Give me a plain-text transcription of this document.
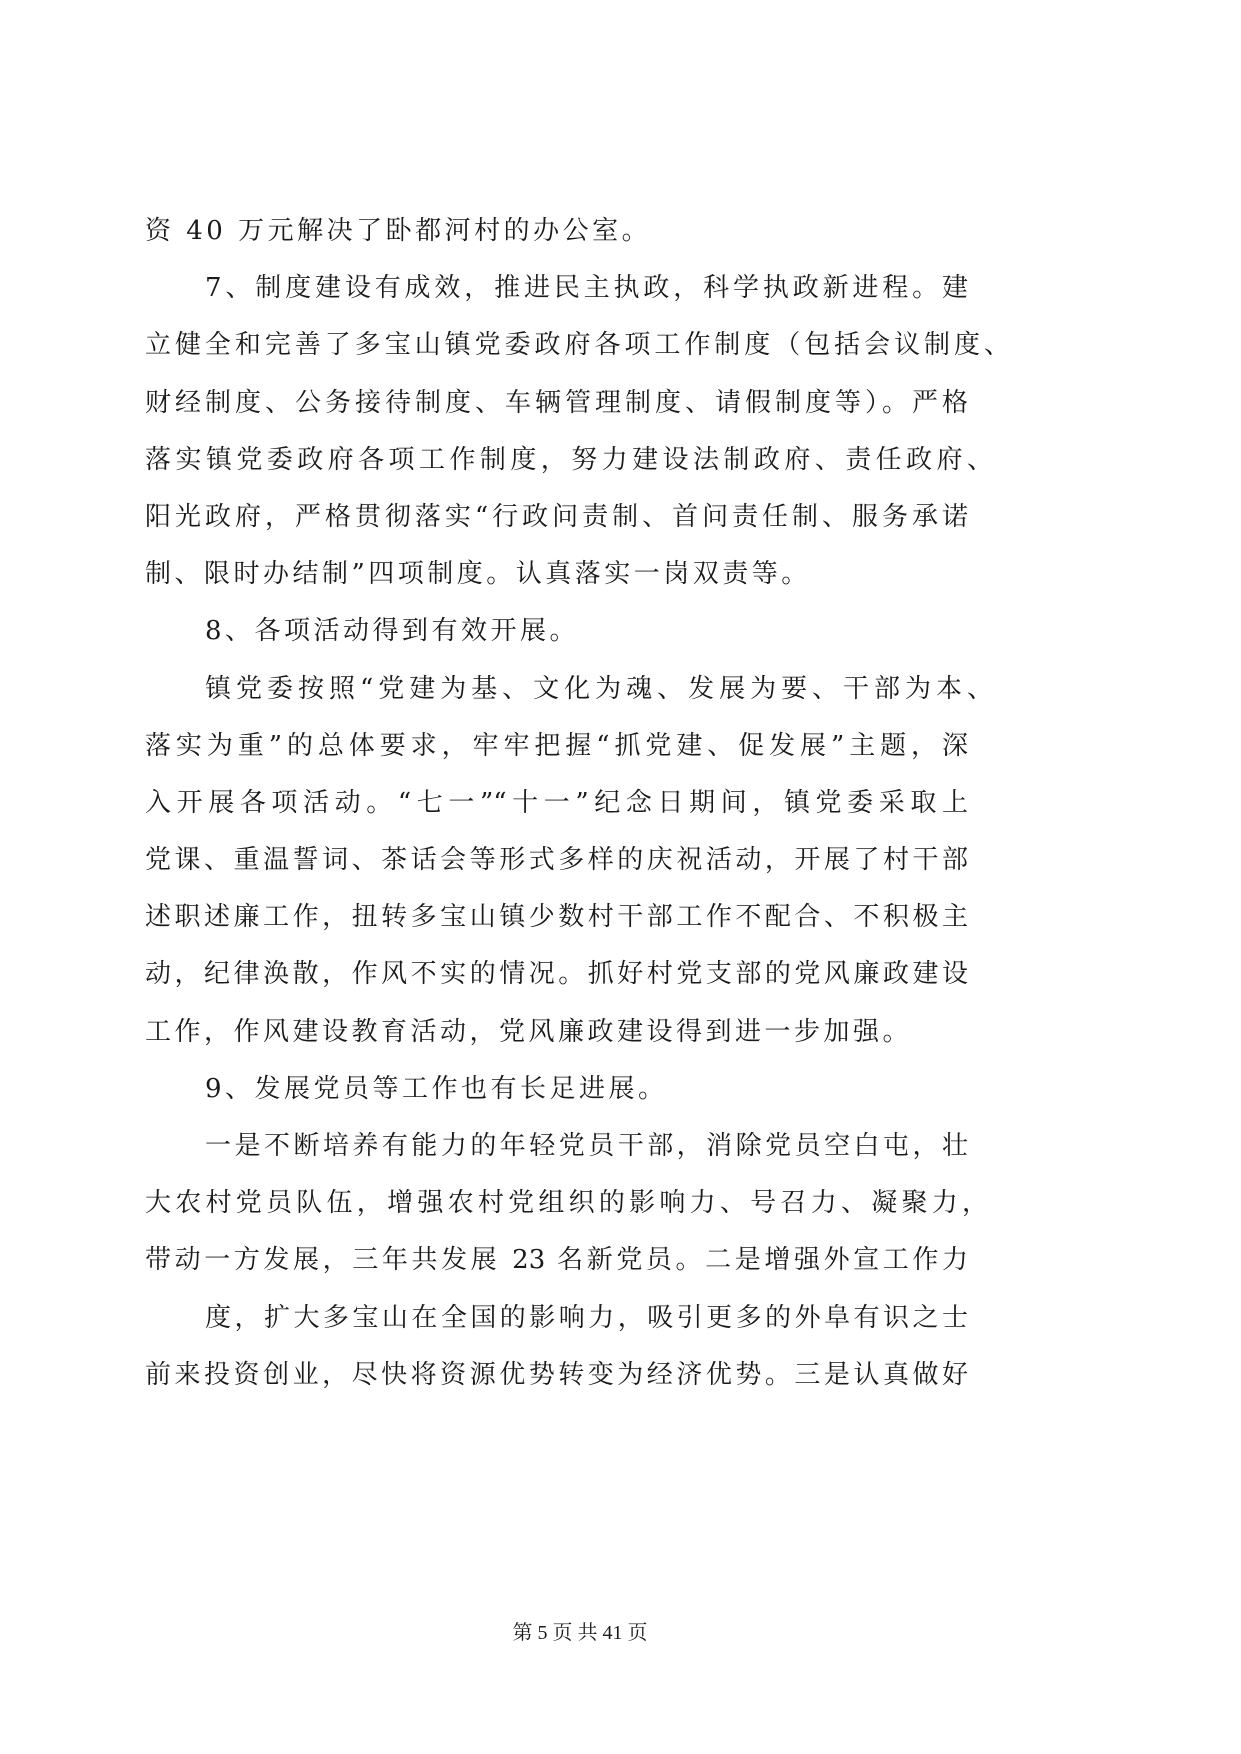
资 40 万元解决了卧都河村的办公室。
7、制度建设有成效，推进民主执政，科学执政新进程。建
立健全和完善了多宝山镇党委政府各项工作制度（包括会议制度、
财经制度、公务接待制度、车辆管理制度、请假制度等）。严格
落实镇党委政府各项工作制度，努力建设法制政府、责任政府、
阳光政府，严格贯彻落实“行政问责制、首问责任制、服务承诺
制、限时办结制”四项制度。认真落实一岗双责等。
8、各项活动得到有效开展。
镇党委按照“党建为基、文化为魂、发展为要、干部为本、
落实为重”的总体要求，牢牢把握“抓党建、促发展”主题，深
入开展各项活动。“七一”“十一”纪念日期间，镇党委采取上
党课、重温誓词、茶话会等形式多样的庆祝活动，开展了村干部
述职述廉工作，扭转多宝山镇少数村干部工作不配合、不积极主
动，纪律涣散，作风不实的情况。抓好村党支部的党风廉政建设
工作，作风建设教育活动，党风廉政建设得到进一步加强。
9、发展党员等工作也有长足进展。
一是不断培养有能力的年轻党员干部，消除党员空白屯，壮
大农村党员队伍，增强农村党组织的影响力、号召力、凝聚力，
带动一方发展，三年共发展 23 名新党员。二是增强外宣工作力
度，扩大多宝山在全国的影响力，吸引更多的外阜有识之士
前来投资创业，尽快将资源优势转变为经济优势。三是认真做好
第 5 页 共 41 页
